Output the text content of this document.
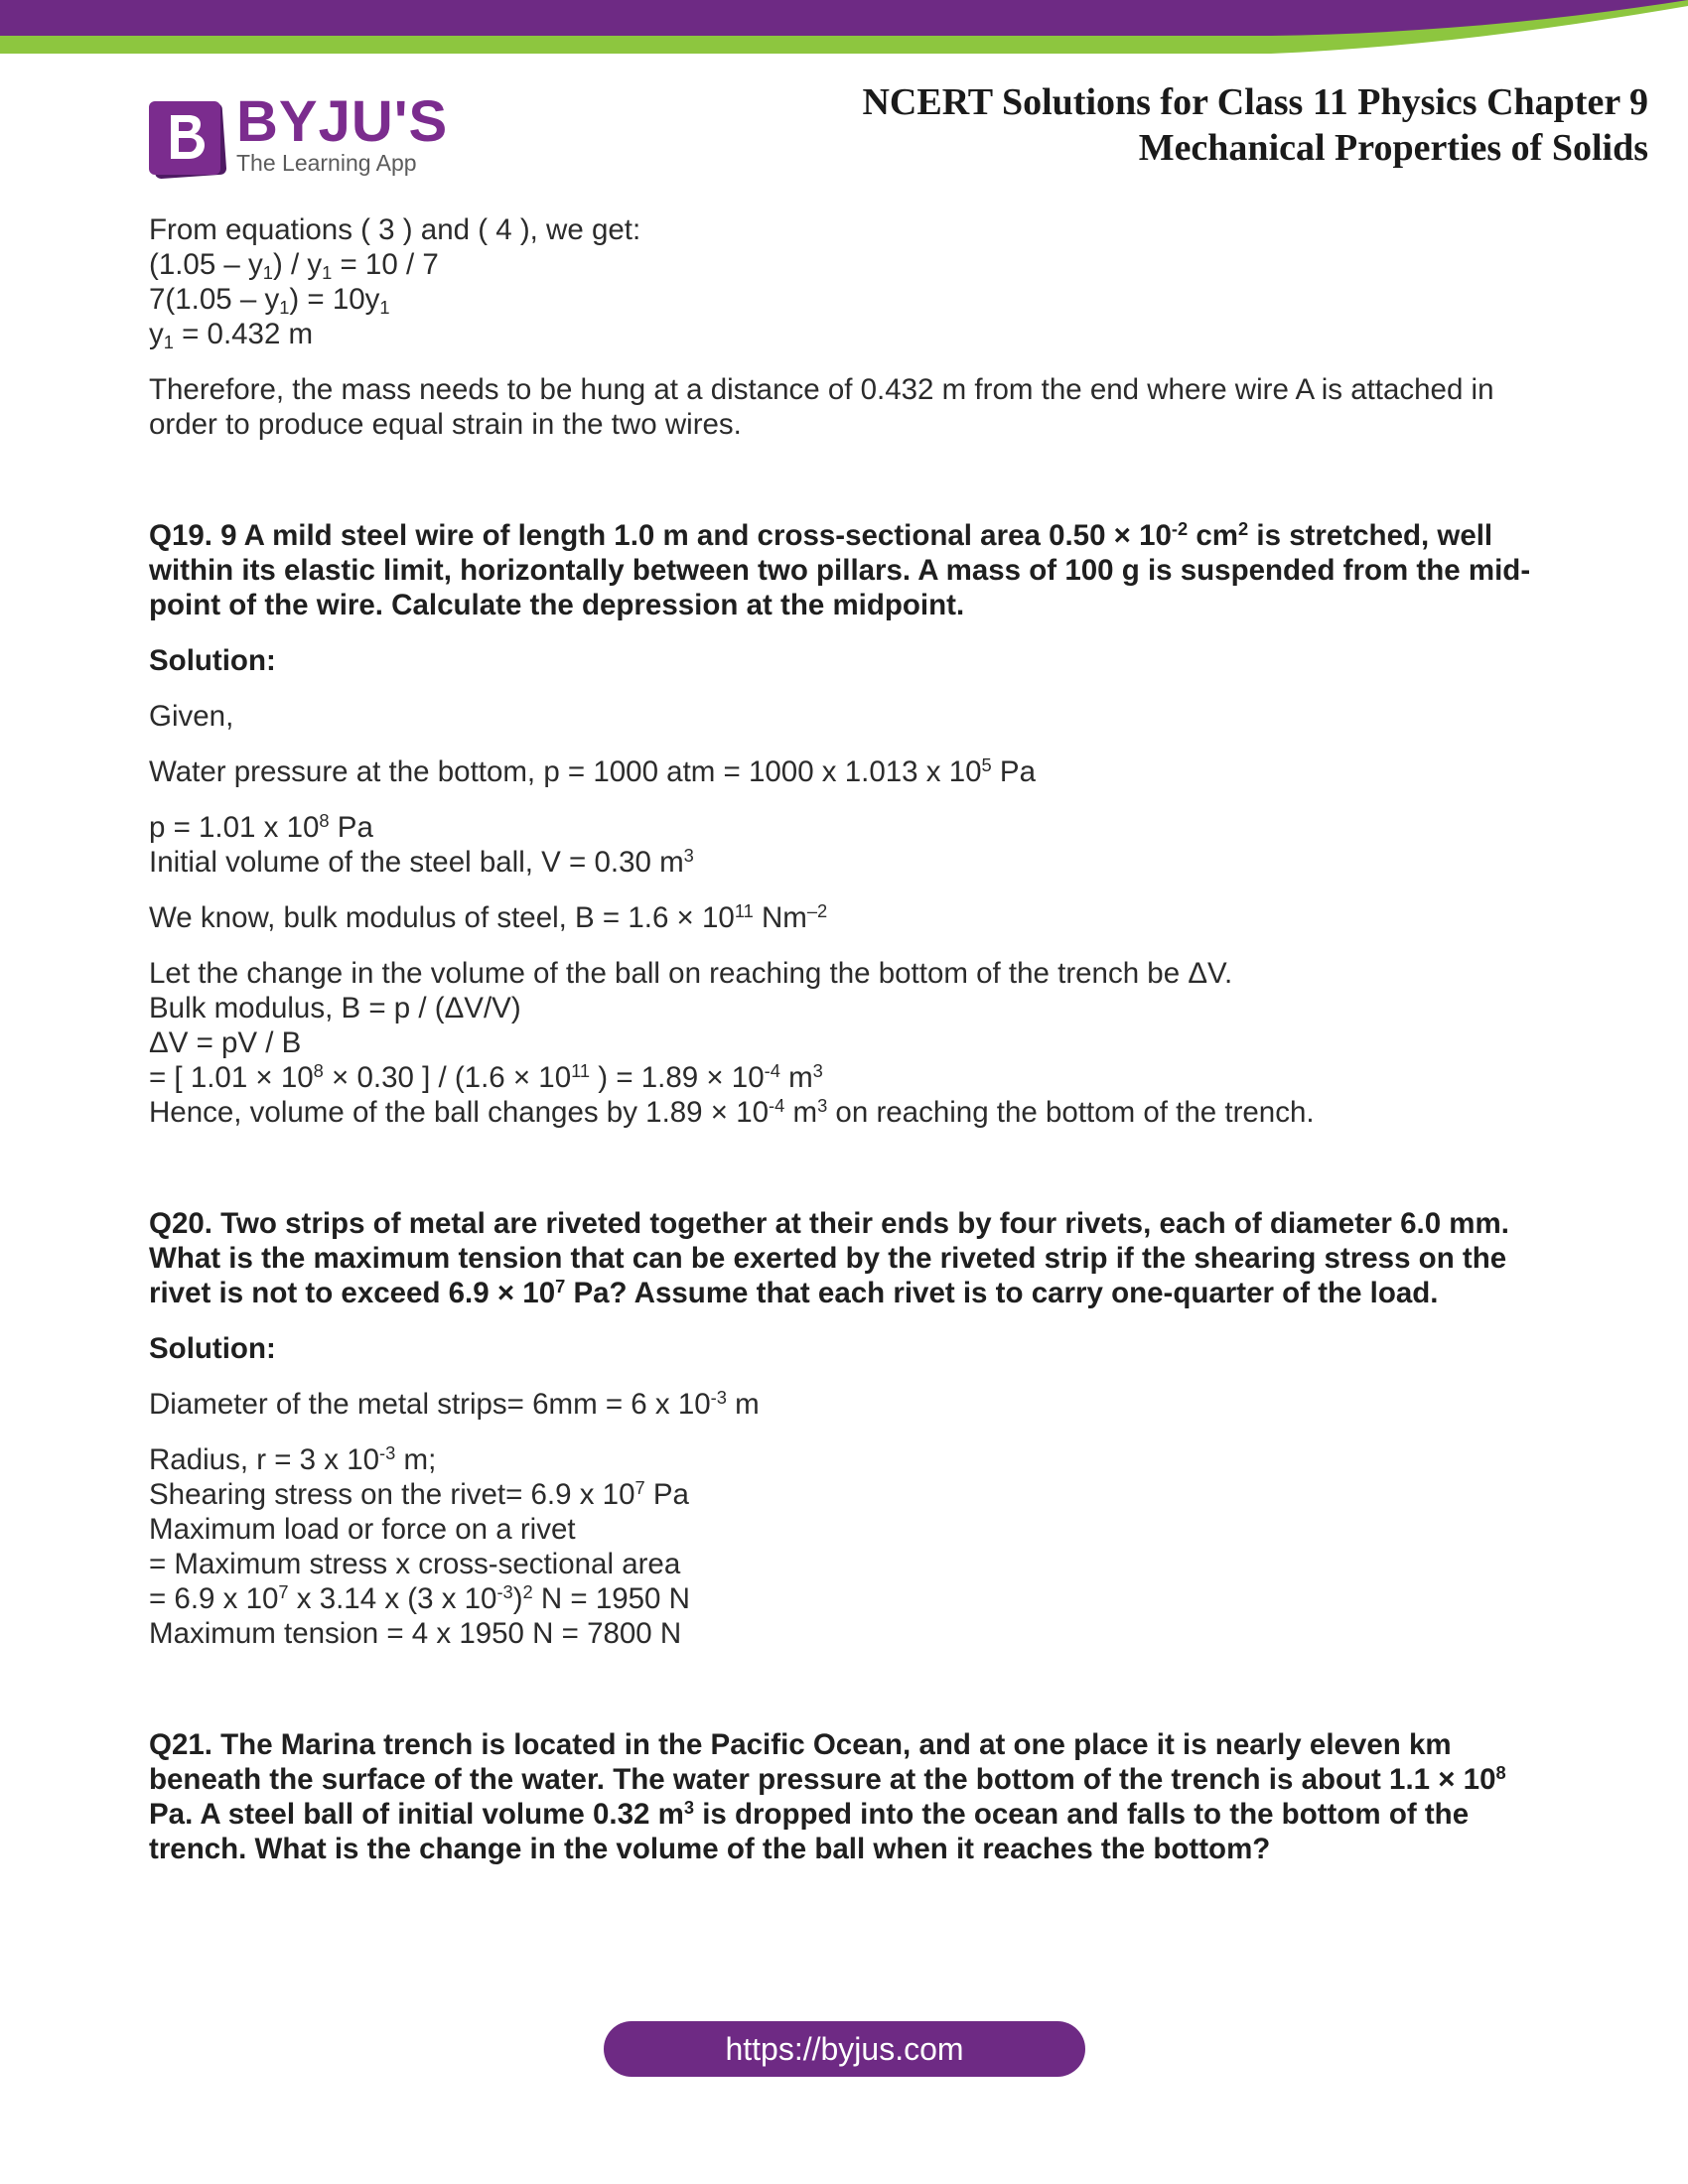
BYJU'S
The Learning App
NCERT Solutions for Class 11 Physics Chapter 9
Mechanical Properties of Solids

From equations ( 3 ) and ( 4 ), we get:

$(1.05 - y_1) / y_1 = 10 / 7$

$7(1.05 - y_1) = 10y_1$

$y_1 = 0.432$ m

Therefore, the mass needs to be hung at a distance of 0.432 m from the end where wire A is attached in order to produce equal strain in the two wires.

Q19. 9 A mild steel wire of length 1.0 m and cross-sectional area $0.50 \times 10^{-2}$ $cm^2$ is stretched, well within its elastic limit, horizontally between two pillars. A mass of 100 g is suspended from the mid-point of the wire. Calculate the depression at the midpoint.

Solution:

Given,

Water pressure at the bottom, p = 1000 atm = 1000 x 1.013 x $10^5$ Pa

p = 1.01 x $10^8$ Pa

Initial volume of the steel ball, V = 0.30 $m^3$

We know, bulk modulus of steel, $B = 1.6 \times 10^{11}$ $Nm^{-2}$

Let the change in the volume of the ball on reaching the bottom of the trench be ΔV.

Bulk modulus, B = p / (ΔV/V)

ΔV = pV / B

= [ $1.01 \times 10^8 \times 0.30$ ] / ($1.6 \times 10^{11}$ ) = $1.89 \times 10^{-4}$ $m^3$

Hence, volume of the ball changes by $1.89 \times 10^{-4}$ $m^3$ on reaching the bottom of the trench.

Q20. Two strips of metal are riveted together at their ends by four rivets, each of diameter 6.0 mm. What is the maximum tension that can be exerted by the riveted strip if the shearing stress on the rivet is not to exceed $6.9 \times 10^7$ Pa? Assume that each rivet is to carry one-quarter of the load.

Solution:

Diameter of the metal strips= 6mm = 6 x $10^{-3}$ m

Radius, r = 3 x $10^{-3}$ m;

Shearing stress on the rivet= 6.9 x $10^7$ Pa

Maximum load or force on a rivet

= Maximum stress x cross-sectional area

= 6.9 x $10^7$ x 3.14 x (3 x $10^{-3})^2$ N = 1950 N

Maximum tension = 4 x 1950 N = 7800 N

Q21. The Marina trench is located in the Pacific Ocean, and at one place it is nearly eleven km beneath the surface of the water. The water pressure at the bottom of the trench is about $1.1 \times 10^8$ Pa. A steel ball of initial volume 0.32 $m^3$ is dropped into the ocean and falls to the bottom of the trench. What is the change in the volume of the ball when it reaches the bottom?

https://byjus.com
